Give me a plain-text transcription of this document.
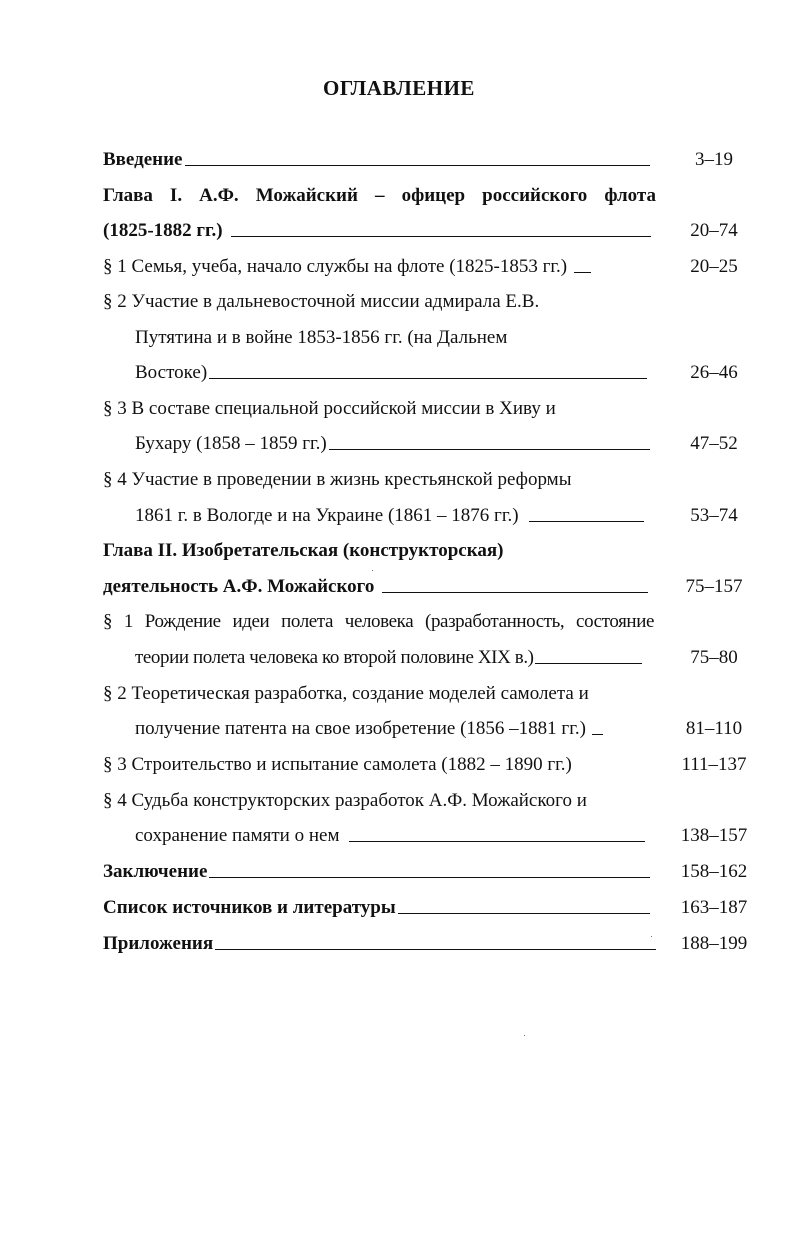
ОГЛАВЛЕНИЕ
Введение	3–19
Глава I. А.Ф. Можайский – офицер российского флота
(1825-1882 гг.)	20–74
§ 1 Семья, учеба, начало службы на флоте (1825-1853 гг.)	20–25
§ 2 Участие в дальневосточной миссии адмирала Е.В.
Путятина и в войне 1853-1856 гг. (на Дальнем
Востоке)	26–46
§ 3 В составе специальной российской миссии в Хиву и
Бухару (1858 – 1859 гг.)	47–52
§ 4 Участие в проведении в жизнь крестьянской реформы
1861 г. в Вологде и на Украине (1861 – 1876 гг.)	53–74
Глава II. Изобретательская (конструкторская)
деятельность А.Ф. Можайского	75–157
§ 1 Рождение идеи полета человека (разработанность, состояние
теории полета человека ко второй половине XIX в.)	75–80
§ 2 Теоретическая разработка, создание моделей самолета и
получение патента на свое изобретение (1856 –1881 гг.)	81–110
§ 3 Строительство и испытание самолета (1882 – 1890 гг.)	111–137
§ 4 Судьба конструкторских разработок А.Ф. Можайского и
сохранение памяти о нем	138–157
Заключение	158–162
Список источников и литературы	163–187
Приложения	188–199
